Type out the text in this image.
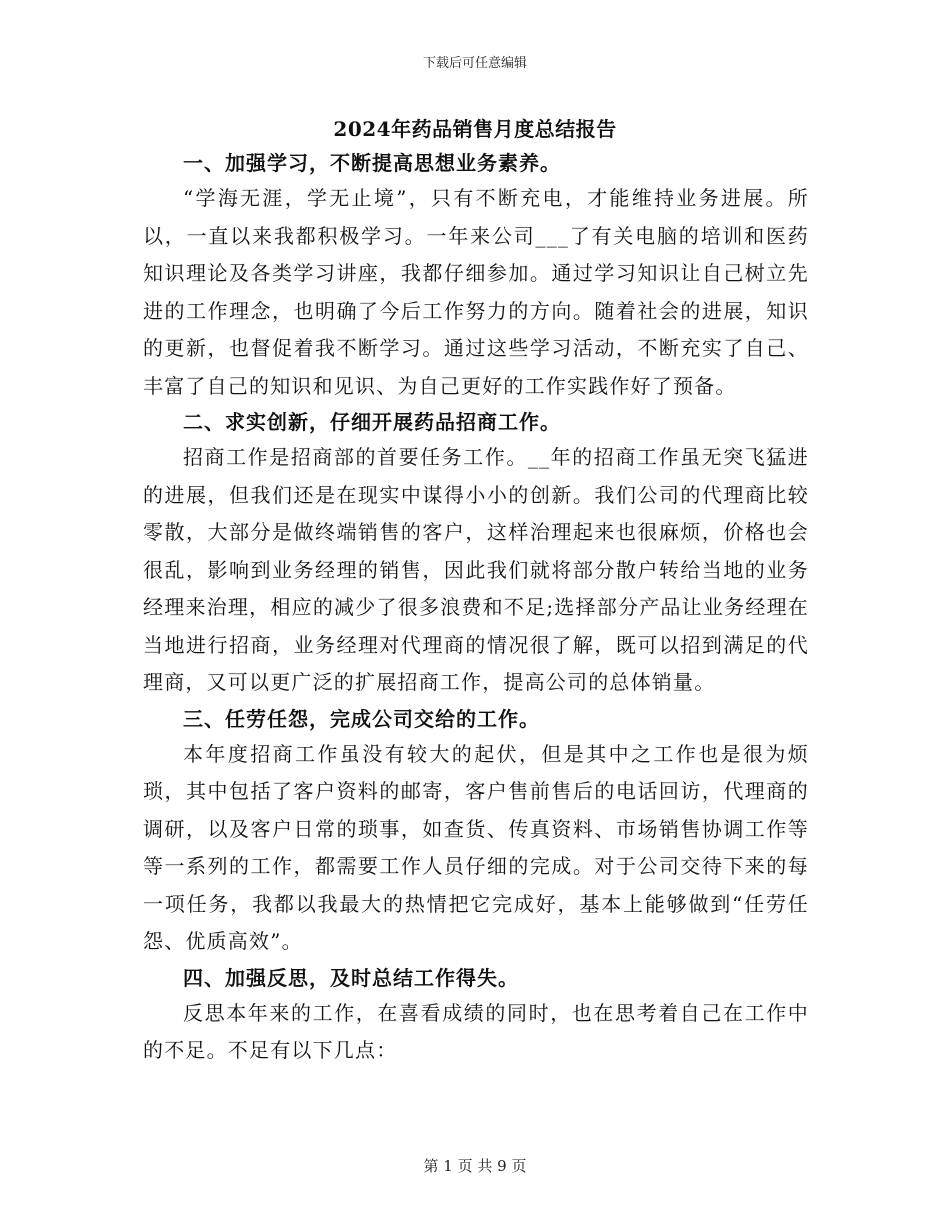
下载后可任意编辑
2024年药品销售月度总结报告

一、加强学习，不断提高思想业务素养。

“学海无涯，学无止境”，只有不断充电，才能维持业务进展。所以，一直以来我都积极学习。一年来公司___了有关电脑的培训和医药知识理论及各类学习讲座，我都仔细参加。通过学习知识让自己树立先进的工作理念，也明确了今后工作努力的方向。随着社会的进展，知识的更新，也督促着我不断学习。通过这些学习活动，不断充实了自己、丰富了自己的知识和见识、为自己更好的工作实践作好了预备。

二、求实创新，仔细开展药品招商工作。

招商工作是招商部的首要任务工作。__年的招商工作虽无突飞猛进的进展，但我们还是在现实中谋得小小的创新。我们公司的代理商比较零散，大部分是做终端销售的客户，这样治理起来也很麻烦，价格也会很乱，影响到业务经理的销售，因此我们就将部分散户转给当地的业务经理来治理，相应的减少了很多浪费和不足;选择部分产品让业务经理在当地进行招商，业务经理对代理商的情况很了解，既可以招到满足的代理商，又可以更广泛的扩展招商工作，提高公司的总体销量。

三、任劳任怨，完成公司交给的工作。

本年度招商工作虽没有较大的起伏，但是其中之工作也是很为烦琐，其中包括了客户资料的邮寄，客户售前售后的电话回访，代理商的调研，以及客户日常的琐事，如查货、传真资料、市场销售协调工作等等一系列的工作，都需要工作人员仔细的完成。对于公司交待下来的每一项任务，我都以我最大的热情把它完成好，基本上能够做到“任劳任怨、优质高效”。

四、加强反思，及时总结工作得失。

反思本年来的工作，在喜看成绩的同时，也在思考着自己在工作中的不足。不足有以下几点：

第 1 页 共 9 页
